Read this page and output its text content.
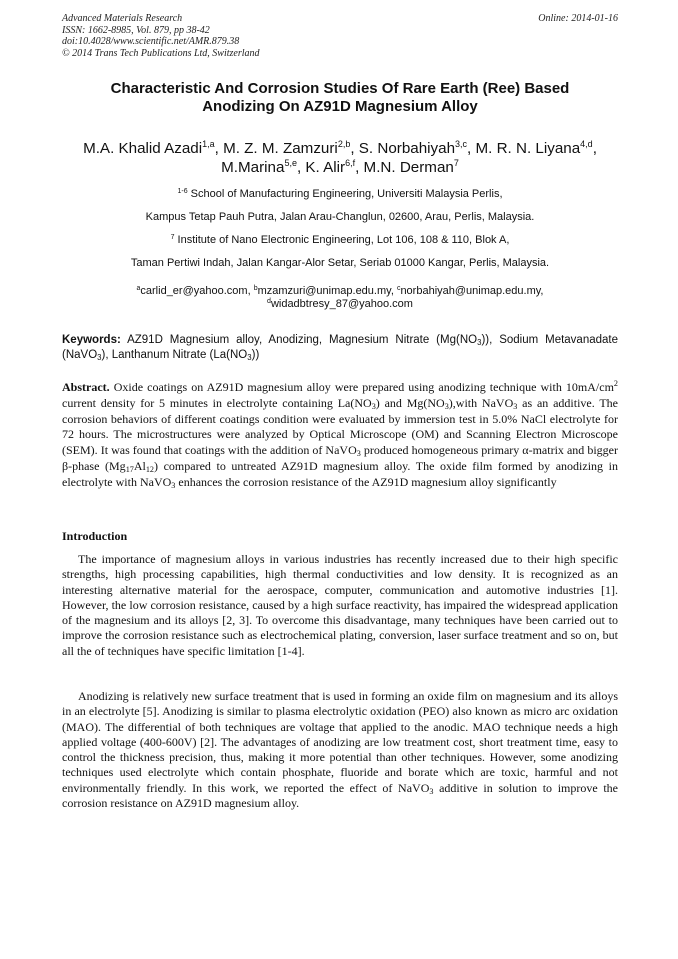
Advanced Materials Research
ISSN: 1662-8985, Vol. 879, pp 38-42
doi:10.4028/www.scientific.net/AMR.879.38
© 2014 Trans Tech Publications Ltd, Switzerland
Online: 2014-01-16
Characteristic And Corrosion Studies Of Rare Earth (Ree) Based
Anodizing On AZ91D Magnesium Alloy
M.A. Khalid Azadi$^{1,a}$, M. Z. M. Zamzuri$^{2,b}$, S. Norbahiyah$^{3,c}$, M. R. N. Liyana$^{4,d}$,
M.Marina$^{5,e}$, K. Alir$^{6,f}$, M.N. Derman$^7$
$^{1-6}$ School of Manufacturing Engineering, Universiti Malaysia Perlis,
Kampus Tetap Pauh Putra, Jalan Arau-Changlun, 02600, Arau, Perlis, Malaysia.
$^7$ Institute of Nano Electronic Engineering, Lot 106, 108 & 110, Blok A,
Taman Pertiwi Indah, Jalan Kangar-Alor Setar, Seriab 01000 Kangar, Perlis, Malaysia.
$^a$carlid_er@yahoo.com, $^b$mzamzuri@unimap.edu.my, $^c$norbahiyah@unimap.edu.my,
$^d$widadbtresy_87@yahoo.com
Keywords: AZ91D Magnesium alloy, Anodizing, Magnesium Nitrate $(Mg(NO_3))$, Sodium Metavanadate (NaVO$_3$), Lanthanum Nitrate $(La(NO_3))$
Abstract. Oxide coatings on AZ91D magnesium alloy were prepared using anodizing technique with $10mA/cm^2$ current density for 5 minutes in electrolyte containing $La(NO_3)$ and $Mg(NO_3),with$ NaVO$_3$ as an additive. The corrosion behaviors of different coatings condition were evaluated by immersion test in 5.0% NaCl electrolyte for 72 hours. The microstructures were analyzed by Optical Microscope (OM) and Scanning Electron Microscope (SEM). It was found that coatings with the addition of NaVO$_3$ produced homogeneous primary α-matrix and bigger β-phase $(Mg_{17}Al_{12})$ compared to untreated AZ91D magnesium alloy. The oxide film formed by anodizing in electrolyte with NaVO$_3$ enhances the corrosion resistance of the AZ91D magnesium alloy significantly
Introduction
The importance of magnesium alloys in various industries has recently increased due to their high specific strengths, high processing capabilities, high thermal conductivities and low density. It is recognized as an interesting alternative material for the aerospace, computer, communication and automotive industries [1]. However, the low corrosion resistance, caused by a high surface reactivity, has impaired the widespread application of the magnesium and its alloys [2, 3]. To overcome this disadvantage, many techniques have been carried out to improve the corrosion resistance such as electrochemical plating, conversion, laser surface treatment and so on, but all the of techniques have specific limitation [1-4].
Anodizing is relatively new surface treatment that is used in forming an oxide film on magnesium and its alloys in an electrolyte [5]. Anodizing is similar to plasma electrolytic oxidation (PEO) also known as micro arc oxidation (MAO). The differential of both techniques are voltage that applied to the anodic. MAO technique needs a high applied voltage (400-600V) [2]. The advantages of anodizing are low treatment cost, short treatment time, easy to control the thickness precision, thus, making it more potential than other techniques. However, some anodizing techniques used electrolyte which contain phosphate, fluoride and borate which are toxic, harmful and not environmentally friendly. In this work, we reported the effect of NaVO$_3$ additive in solution to improve the corrosion resistance on AZ91D magnesium alloy.
